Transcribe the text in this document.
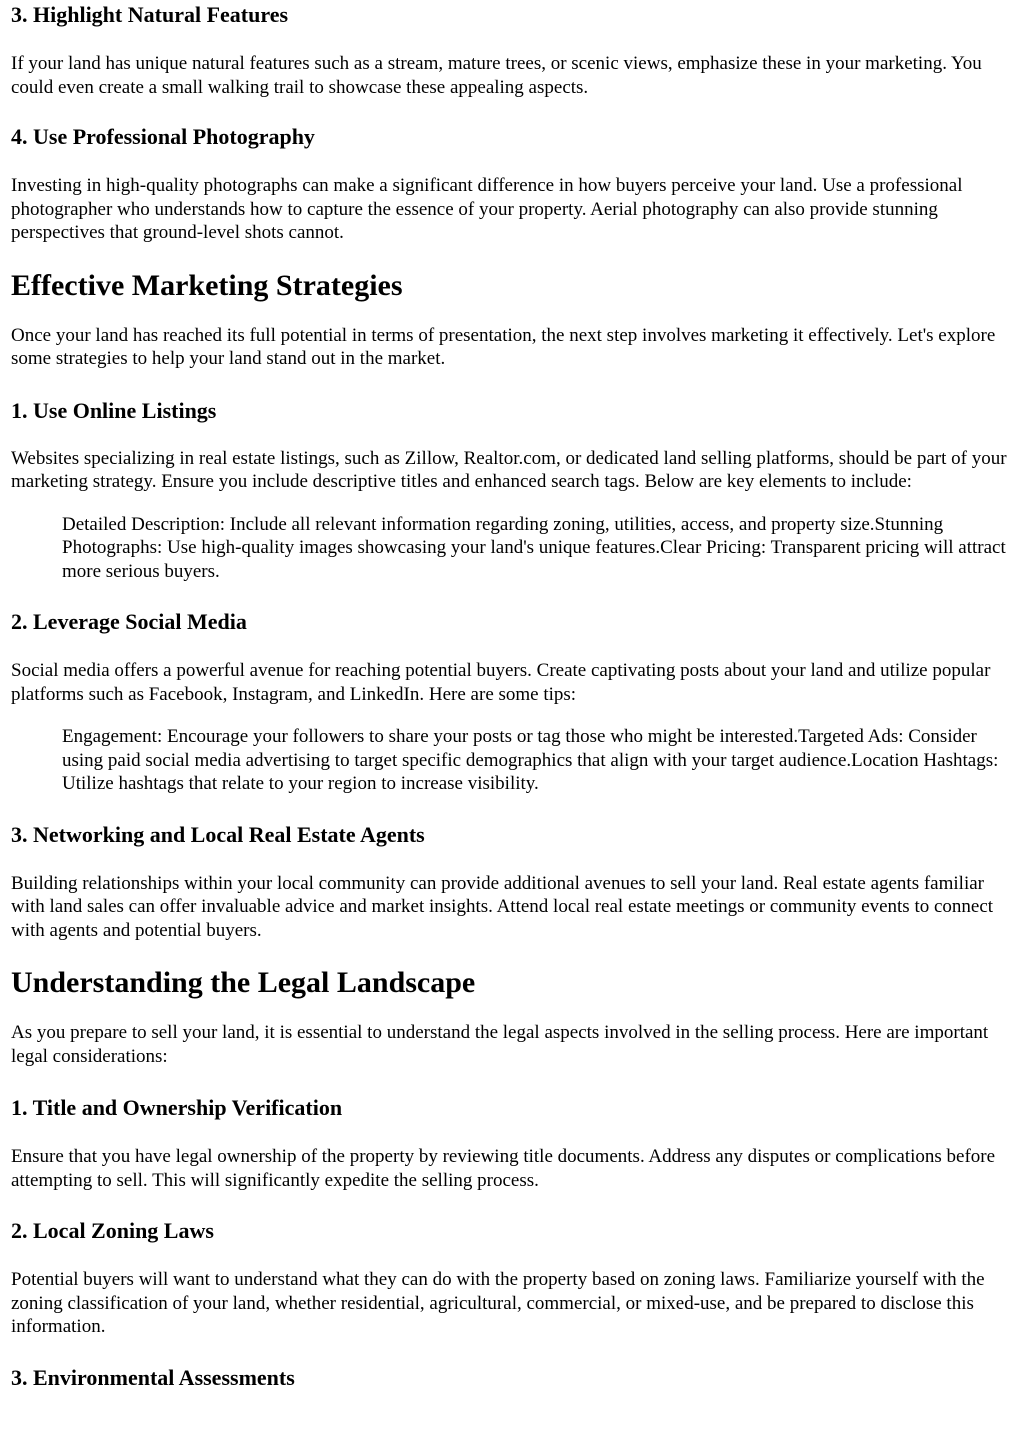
3. Highlight Natural Features

If your land has unique natural features such as a stream, mature trees, or scenic views, emphasize these in your marketing. You could even create a small walking trail to showcase these appealing aspects.

4. Use Professional Photography

Investing in high-quality photographs can make a significant difference in how buyers perceive your land. Use a professional photographer who understands how to capture the essence of your property. Aerial photography can also provide stunning perspectives that ground-level shots cannot.

Effective Marketing Strategies

Once your land has reached its full potential in terms of presentation, the next step involves marketing it effectively. Let's explore some strategies to help your land stand out in the market.

1. Use Online Listings

Websites specializing in real estate listings, such as Zillow, Realtor.com, or dedicated land selling platforms, should be part of your marketing strategy. Ensure you include descriptive titles and enhanced search tags. Below are key elements to include:

Detailed Description: Include all relevant information regarding zoning, utilities, access, and property size.Stunning Photographs: Use high-quality images showcasing your land's unique features.Clear Pricing: Transparent pricing will attract more serious buyers.
2. Leverage Social Media

Social media offers a powerful avenue for reaching potential buyers. Create captivating posts about your land and utilize popular platforms such as Facebook, Instagram, and LinkedIn. Here are some tips:

Engagement: Encourage your followers to share your posts or tag those who might be interested.Targeted Ads: Consider using paid social media advertising to target specific demographics that align with your target audience.Location Hashtags: Utilize hashtags that relate to your region to increase visibility.
3. Networking and Local Real Estate Agents

Building relationships within your local community can provide additional avenues to sell your land. Real estate agents familiar with land sales can offer invaluable advice and market insights. Attend local real estate meetings or community events to connect with agents and potential buyers.

Understanding the Legal Landscape

As you prepare to sell your land, it is essential to understand the legal aspects involved in the selling process. Here are important legal considerations:

1. Title and Ownership Verification

Ensure that you have legal ownership of the property by reviewing title documents. Address any disputes or complications before attempting to sell. This will significantly expedite the selling process.

2. Local Zoning Laws

Potential buyers will want to understand what they can do with the property based on zoning laws. Familiarize yourself with the zoning classification of your land, whether residential, agricultural, commercial, or mixed-use, and be prepared to disclose this information.

3. Environmental Assessments
